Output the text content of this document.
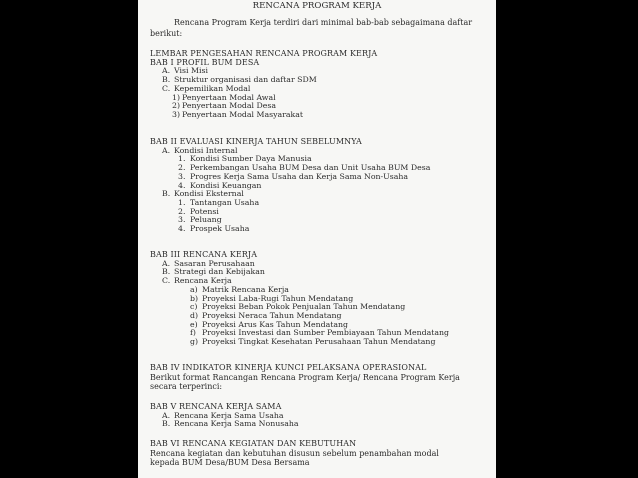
RENCANA PROGRAM KERJA
Rencana Program Kerja terdiri dari minimal bab-bab sebagaimana daftar berikut:
LEMBAR PENGESAHAN RENCANA PROGRAM KERJA
BAB I PROFIL BUM DESA
A. Visi Misi
B. Struktur organisasi dan daftar SDM
C. Kepemilikan Modal
1) Penyertaan Modal Awal
2) Penyertaan Modal Desa
3) Penyertaan Modal Masyarakat
BAB II EVALUASI KINERJA TAHUN SEBELUMNYA
A. Kondisi Internal
1. Kondisi Sumber Daya Manusia
2. Perkembangan Usaha BUM Desa dan Unit Usaha BUM Desa
3. Progres Kerja Sama Usaha dan Kerja Sama Non-Usaha
4. Kondisi Keuangan
B. Kondisi Eksternal
1. Tantangan Usaha
2. Potensi
3. Peluang
4. Prospek Usaha
BAB III RENCANA KERJA
A. Sasaran Perusahaan
B. Strategi dan Kebijakan
C. Rencana Kerja
a) Matrik Rencana Kerja
b) Proyeksi Laba-Rugi Tahun Mendatang
c) Proyeksi Beban Pokok Penjualan Tahun Mendatang
d) Proyeksi Neraca Tahun Mendatang
e) Proyeksi Arus Kas Tahun Mendatang
f) Proyeksi Investasi dan Sumber Pembiayaan Tahun Mendatang
g) Proyeksi Tingkat Kesehatan Perusahaan Tahun Mendatang
BAB IV INDIKATOR KINERJA KUNCI PELAKSANA OPERASIONAL
Berikut format Rancangan Rencana Program Kerja/ Rencana Program Kerja secara terperinci:
BAB V RENCANA KERJA SAMA
A. Rencana Kerja Sama Usaha
B. Rencana Kerja Sama Nonusaha
BAB VI RENCANA KEGIATAN DAN KEBUTUHAN
Rencana kegiatan dan kebutuhan disusun sebelum penambahan modal kepada BUM Desa/BUM Desa Bersama
